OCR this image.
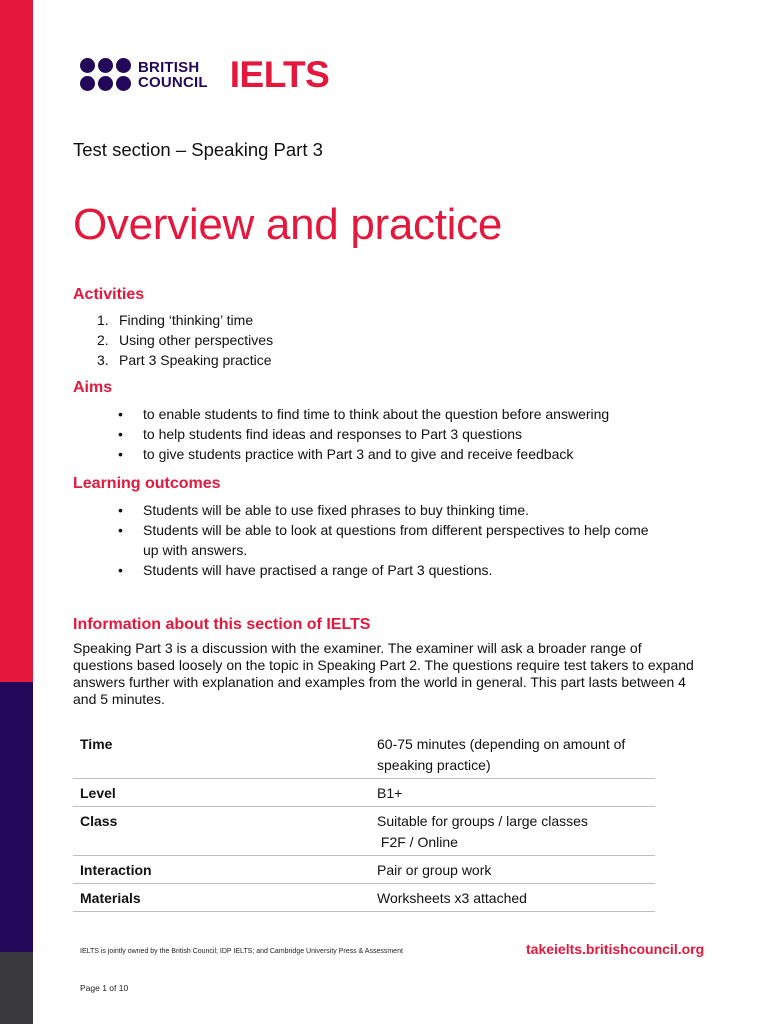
BRITISH
COUNCIL IELTS
Test section – Speaking Part 3
Overview and practice
Activities
1. Finding ‘thinking’ time
2. Using other perspectives
3. Part 3 Speaking practice
Aims
• to enable students to find time to think about the question before answering
• to help students find ideas and responses to Part 3 questions
• to give students practice with Part 3 and to give and receive feedback
Learning outcomes
• Students will be able to use fixed phrases to buy thinking time.
• Students will be able to look at questions from different perspectives to help come up with answers.
• Students will have practised a range of Part 3 questions.
Information about this section of IELTS

Speaking Part 3 is a discussion with the examiner. The examiner will ask a broader range of questions based loosely on the topic in Speaking Part 2. The questions require test takers to expand answers further with explanation and examples from the world in general. This part lasts between 4 and 5 minutes.

Time	60-75 minutes (depending on amount of speaking practice)
Level	B1+
Class	Suitable for groups / large classes
F2F / Online

Interaction	Pair or group work
Materials	Worksheets x3 attached
IELTS is jointly owned by the British Council; IDP IELTS; and Cambridge University Press & Assessment	takeielts.britishcouncil.org
Page 1 of 10
